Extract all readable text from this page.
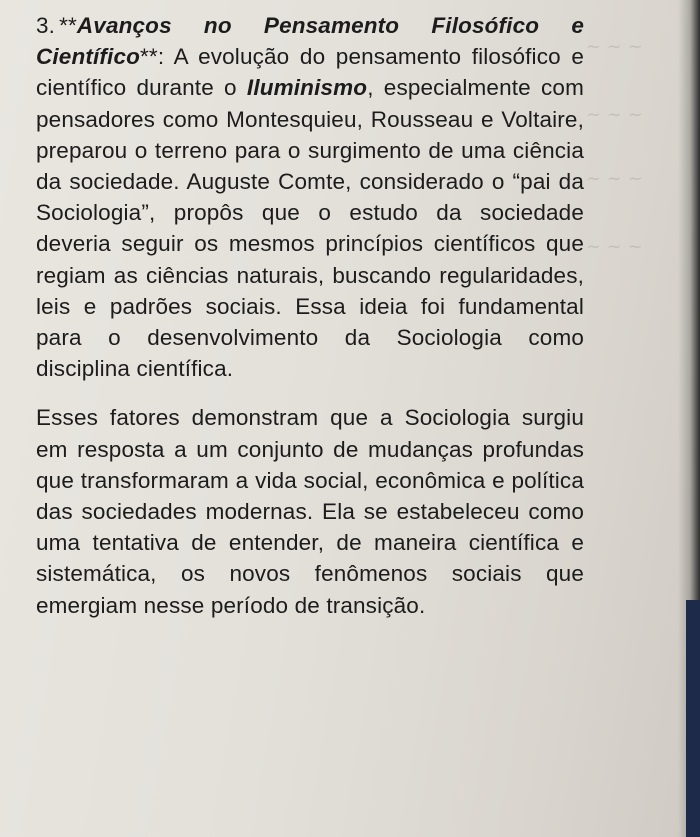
~ ~ ~
~ ~ ~
~ ~ ~
~ ~ ~

3. **Avanços no Pensamento Filosófico e Científico**: A evolução do pensamento filosófico e científico durante o Iluminismo, especialmente com pensadores como Montesquieu, Rousseau e Voltaire, preparou o terreno para o surgimento de uma ciência da sociedade. Auguste Comte, considerado o “pai da Sociologia”, propôs que o estudo da sociedade deveria seguir os mesmos princípios científicos que regiam as ciências naturais, buscando regularidades, leis e padrões sociais. Essa ideia foi fundamental para o desenvolvimento da Sociologia como disciplina científica.

Esses fatores demonstram que a Sociologia surgiu em resposta a um conjunto de mudanças profundas que transformaram a vida social, econômica e política das sociedades modernas. Ela se estabeleceu como uma tentativa de entender, de maneira científica e sistemática, os novos fenômenos sociais que emergiam nesse período de transição.
